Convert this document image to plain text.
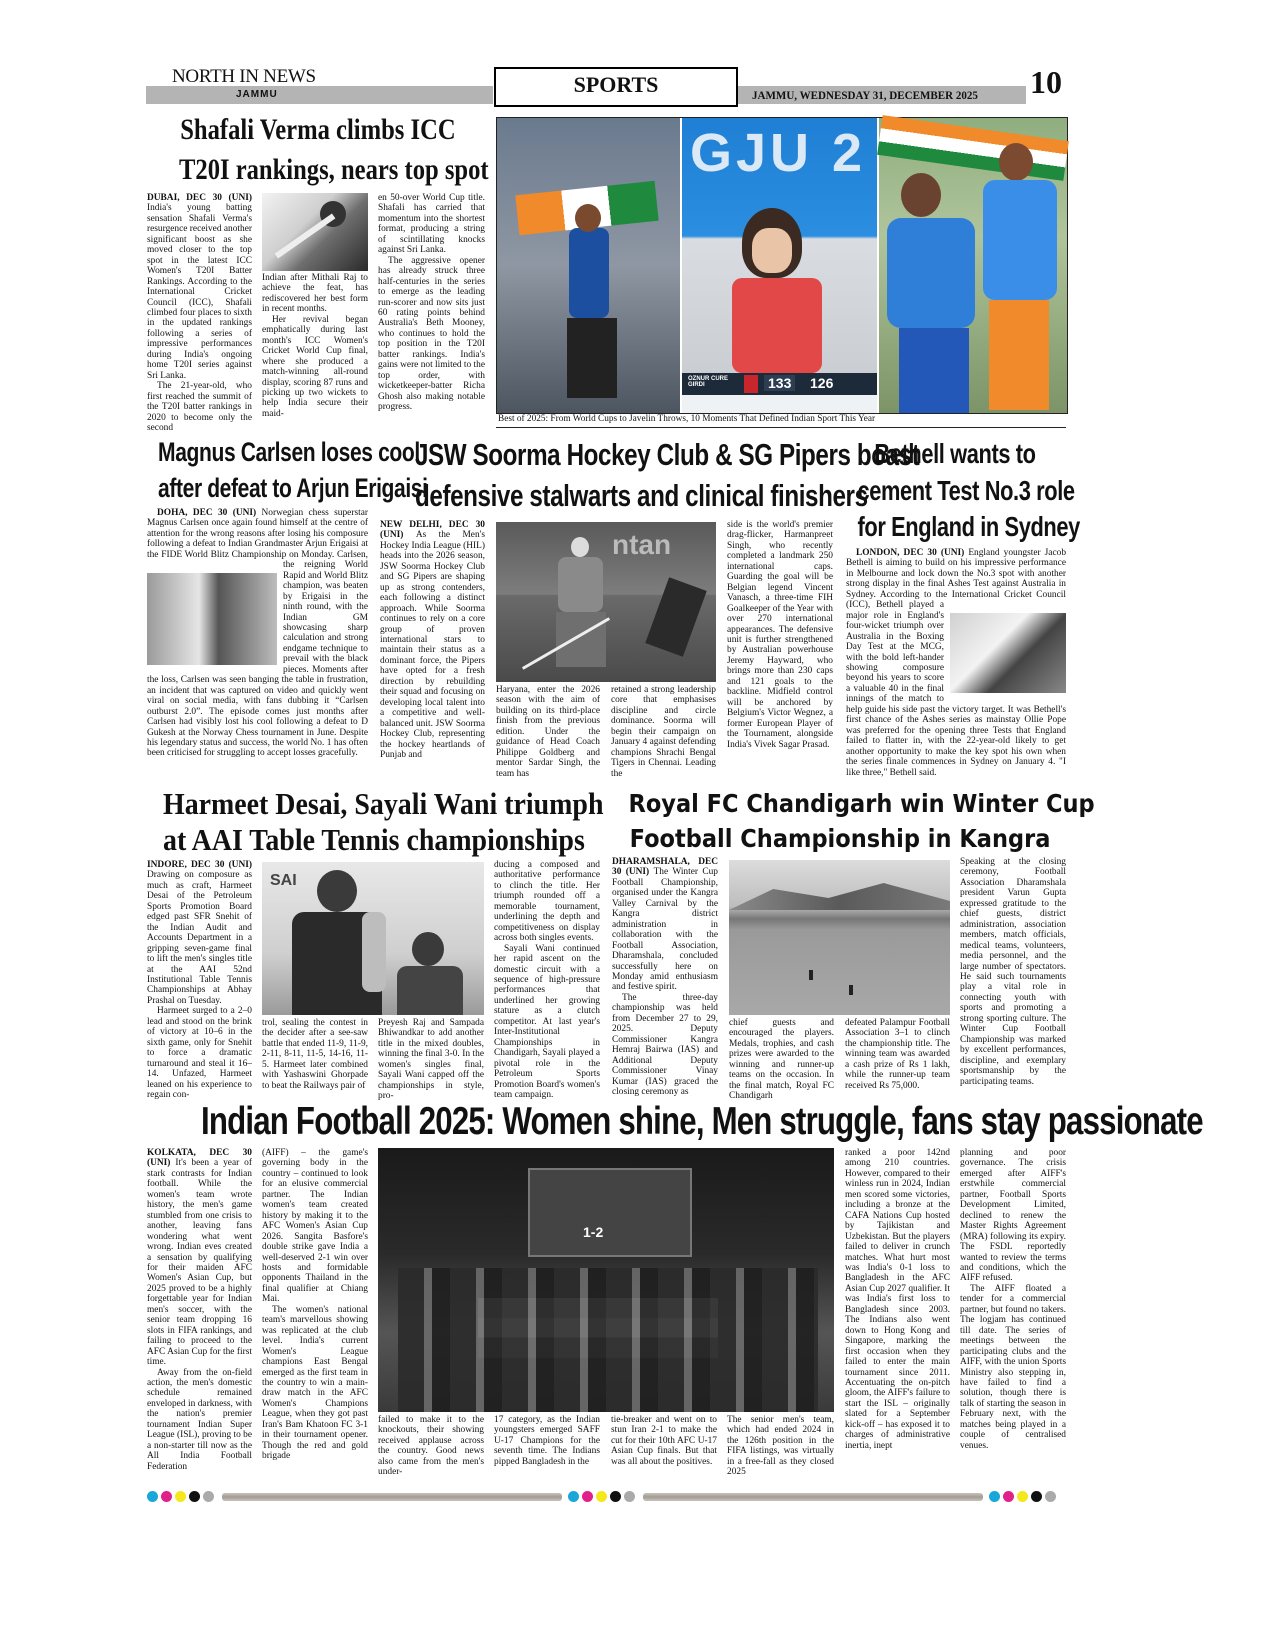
NORTH IN NEWS
JAMMU	SPORTS	JAMMU, WEDNESDAY 31, DECEMBER 2025 10
Shafali Verma climbs ICC
T20I rankings, nears top spot

DUBAI, DEC 30 (UNI) India's young batting sensation Shafali Verma's resurgence received another significant boost as she moved closer to the top spot in the latest ICC Women's T20I Batter Rankings. According to the International Cricket Council (ICC), Shafali climbed four places to sixth in the updated rankings following a series of impressive performances during India's ongoing home T20I series against Sri Lanka.

The 21-year-old, who first reached the summit of the T20I batter rankings in 2020 to become only the second

Indian after Mithali Raj to achieve the feat, has rediscovered her best form in recent months.

Her revival began emphatically during last month's ICC Women's Cricket World Cup final, where she produced a match-winning all-round display, scoring 87 runs and picking up two wickets to help India secure their maid-

en 50-over World Cup title. Shafali has carried that momentum into the shortest format, producing a string of scintillating knocks against Sri Lanka.

The aggressive opener has already struck three half-centuries in the series to emerge as the leading run-scorer and now sits just 60 rating points behind Australia's Beth Mooney, who continues to hold the top position in the T20I batter rankings. India's gains were not limited to the top order, with wicketkeeper-batter Richa Ghosh also making notable progress.

GJU 2
OZNUR CURE GIRDI	133 126
Best of 2025: From World Cups to Javelin Throws, 10 Moments That Defined Indian Sport This Year
Magnus Carlsen loses cool
after defeat to Arjun Erigaisi

DOHA, DEC 30 (UNI) Norwegian chess superstar Magnus Carlsen once again found himself at the centre of attention for the wrong reasons after losing his composure following a defeat to Indian Grandmaster Arjun Erigaisi at the FIDE World Blitz Championship on Monday. Carlsen, the reigning World Rapid and World Blitz champion, was beaten by Erigaisi in the ninth round, with the Indian GM showcasing sharp calculation and strong endgame technique to prevail with the black pieces. Moments after the loss, Carlsen was seen banging the table in frustration, an incident that was captured on video and quickly went viral on social media, with fans dubbing it “Carlsen outburst 2.0”. The episode comes just months after Carlsen had visibly lost his cool following a defeat to D Gukesh at the Norway Chess tournament in June. Despite his legendary status and success, the world No. 1 has often been criticised for struggling to accept losses gracefully.

JSW Soorma Hockey Club & SG Pipers boast
defensive stalwarts and clinical finishers

NEW DELHI, DEC 30 (UNI) As the Men's Hockey India League (HIL) heads into the 2026 season, JSW Soorma Hockey Club and SG Pipers are shaping up as strong contenders, each following a distinct approach. While Soorma continues to rely on a core group of proven international stars to maintain their status as a dominant force, the Pipers have opted for a fresh direction by rebuilding their squad and focusing on developing local talent into a competitive and well-balanced unit. JSW Soorma Hockey Club, representing the hockey heartlands of Punjab and

ntan

Haryana, enter the 2026 season with the aim of building on its third-place finish from the previous edition. Under the guidance of Head Coach Philippe Goldberg and mentor Sardar Singh, the team has

retained a strong leadership core that emphasises discipline and circle dominance. Soorma will begin their campaign on January 4 against defending champions Shrachi Bengal Tigers in Chennai. Leading the

side is the world's premier drag-flicker, Harmanpreet Singh, who recently completed a landmark 250 international caps. Guarding the goal will be Belgian legend Vincent Vanasch, a three-time FIH Goalkeeper of the Year with over 270 international appearances. The defensive unit is further strengthened by Australian powerhouse Jeremy Hayward, who brings more than 230 caps and 121 goals to the backline. Midfield control will be anchored by Belgium's Victor Wegnez, a former European Player of the Tournament, alongside India's Vivek Sagar Prasad.

Bethell wants to
cement Test No.3 role
for England in Sydney

LONDON, DEC 30 (UNI) England youngster Jacob Bethell is aiming to build on his impressive performance in Melbourne and lock down the No.3 spot with another strong display in the final Ashes Test against Australia in Sydney. According to the International Cricket Council (ICC), Bethell played a major role in England's four-wicket triumph over Australia in the Boxing Day Test at the MCG, with the bold left-hander showing composure beyond his years to score a valuable 40 in the final innings of the match to help guide his side past the victory target. It was Bethell's first chance of the Ashes series as mainstay Ollie Pope was preferred for the opening three Tests that England failed to flatter in, with the 22-year-old likely to get another opportunity to make the key spot his own when the series finale commences in Sydney on January 4. "I like three," Bethell said.

Harmeet Desai, Sayali Wani triumph
at AAI Table Tennis championships

INDORE, DEC 30 (UNI) Drawing on composure as much as craft, Harmeet Desai of the Petroleum Sports Promotion Board edged past SFR Snehit of the Indian Audit and Accounts Department in a gripping seven-game final to lift the men's singles title at the AAI 52nd Institutional Table Tennis Championships at Abhay Prashal on Tuesday.

Harmeet surged to a 2–0 lead and stood on the brink of victory at 10–6 in the sixth game, only for Snehit to force a dramatic turnaround and steal it 16–14. Unfazed, Harmeet leaned on his experience to regain con-

SAI

trol, sealing the contest in the decider after a see-saw battle that ended 11-9, 11-9, 2-11, 8-11, 11-5, 14-16, 11-5. Harmeet later combined with Yashaswini Ghorpade to beat the Railways pair of

Preyesh Raj and Sampada Bhiwandkar to add another title in the mixed doubles, winning the final 3-0. In the women's singles final, Sayali Wani capped off the championships in style, pro-

ducing a composed and authoritative performance to clinch the title. Her triumph rounded off a memorable tournament, underlining the depth and competitiveness on display across both singles events.

Sayali Wani continued her rapid ascent on the domestic circuit with a sequence of high-pressure performances that underlined her growing stature as a clutch competitor. At last year's Inter-Institutional Championships in Chandigarh, Sayali played a pivotal role in the Petroleum Sports Promotion Board's women's team campaign.

Royal FC Chandigarh win Winter Cup
Football Championship in Kangra

DHARAMSHALA, DEC 30 (UNI) The Winter Cup Football Championship, organised under the Kangra Valley Carnival by the Kangra district administration in collaboration with the Football Association, Dharamshala, concluded successfully here on Monday amid enthusiasm and festive spirit.

The three-day championship was held from December 27 to 29, 2025. Deputy Commissioner Kangra Hemraj Bairwa (IAS) and Additional Deputy Commissioner Vinay Kumar (IAS) graced the closing ceremony as

chief guests and encouraged the players. Medals, trophies, and cash prizes were awarded to the winning and runner-up teams on the occasion. In the final match, Royal FC Chandigarh

defeated Palampur Football Association 3–1 to clinch the championship title. The winning team was awarded a cash prize of Rs 1 lakh, while the runner-up team received Rs 75,000.

Speaking at the closing ceremony, Football Association Dharamshala president Varun Gupta expressed gratitude to the chief guests, district administration, association members, match officials, medical teams, volunteers, media personnel, and the large number of spectators. He said such tournaments play a vital role in connecting youth with sports and promoting a strong sporting culture. The Winter Cup Football Championship was marked by excellent performances, discipline, and exemplary sportsmanship by the participating teams.

Indian Football 2025: Women shine, Men struggle, fans stay passionate

KOLKATA, DEC 30 (UNI) It's been a year of stark contrasts for Indian football. While the women's team wrote history, the men's game stumbled from one crisis to another, leaving fans wondering what went wrong. Indian eves created a sensation by qualifying for their maiden AFC Women's Asian Cup, but 2025 proved to be a highly forgettable year for Indian men's soccer, with the senior team dropping 16 slots in FIFA rankings, and failing to proceed to the AFC Asian Cup for the first time.

Away from the on-field action, the men's domestic schedule remained enveloped in darkness, with the nation's premier tournament Indian Super League (ISL), proving to be a non-starter till now as the All India Football Federation

(AIFF) – the game's governing body in the country – continued to look for an elusive commercial partner. The Indian women's team created history by making it to the AFC Women's Asian Cup 2026. Sangita Basfore's double strike gave India a well-deserved 2-1 win over hosts and formidable opponents Thailand in the final qualifier at Chiang Mai.

The women's national team's marvellous showing was replicated at the club level. India's current Women's League champions East Bengal emerged as the first team in the country to win a main-draw match in the AFC Women's Champions League, when they got past Iran's Bam Khatoon FC 3-1 in their tournament opener. Though the red and gold brigade

1-2

failed to make it to the knockouts, their showing received applause across the country. Good news also came from the men's under-

17 category, as the Indian youngsters emerged SAFF U-17 Champions for the seventh time. The Indians pipped Bangladesh in the

tie-breaker and went on to stun Iran 2-1 to make the cut for their 10th AFC U-17 Asian Cup finals. But that was all about the positives.

The senior men's team, which had ended 2024 in the 126th position in the FIFA listings, was virtually in a free-fall as they closed 2025

ranked a poor 142nd among 210 countries. However, compared to their winless run in 2024, Indian men scored some victories, including a bronze at the CAFA Nations Cup hosted by Tajikistan and Uzbekistan. But the players failed to deliver in crunch matches. What hurt most was India's 0-1 loss to Bangladesh in the AFC Asian Cup 2027 qualifier. It was India's first loss to Bangladesh since 2003. The Indians also went down to Hong Kong and Singapore, marking the first occasion when they failed to enter the main tournament since 2011. Accentuating the on-pitch gloom, the AIFF's failure to start the ISL – originally slated for a September kick-off – has exposed it to charges of administrative inertia, inept

planning and poor governance. The crisis emerged after AIFF's erstwhile commercial partner, Football Sports Development Limited, declined to renew the Master Rights Agreement (MRA) following its expiry. The FSDL reportedly wanted to review the terms and conditions, which the AIFF refused.

The AIFF floated a tender for a commercial partner, but found no takers. The logjam has continued till date. The series of meetings between the participating clubs and the AIFF, with the union Sports Ministry also stepping in, have failed to find a solution, though there is talk of starting the season in February next, with the matches being played in a couple of centralised venues.
